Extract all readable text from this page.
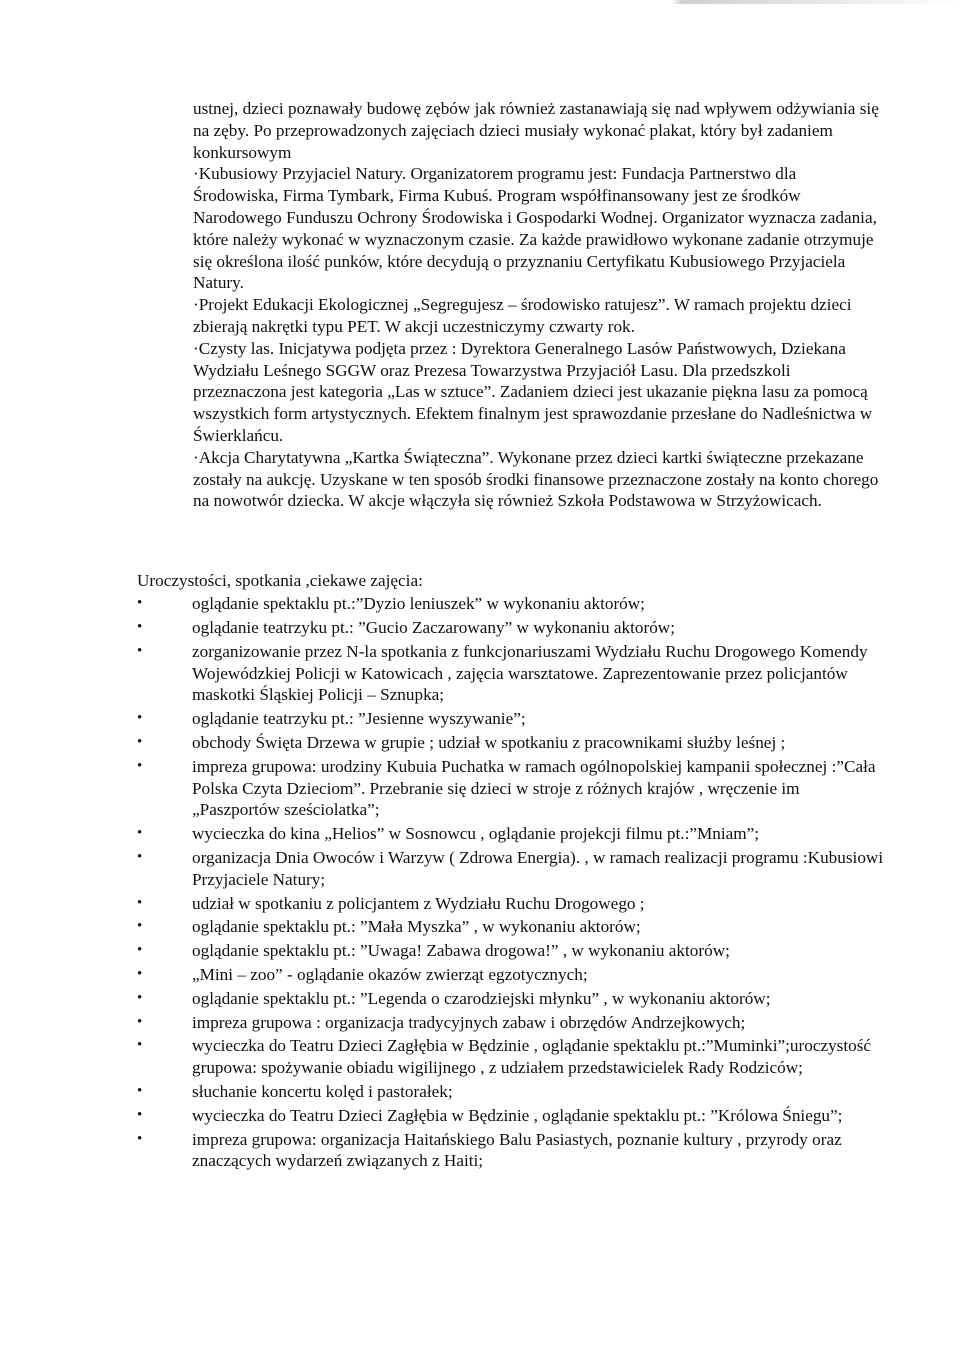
ustnej, dzieci poznawały budowę zębów jak również zastanawiają się nad wpływem odżywiania się na zęby. Po przeprowadzonych zajęciach dzieci musiały wykonać plakat, który był zadaniem konkursowym

·Kubusiowy Przyjaciel Natury. Organizatorem programu jest: Fundacja Partnerstwo dla Środowiska, Firma Tymbark, Firma Kubuś. Program współfinansowany jest ze środków Narodowego Funduszu Ochrony Środowiska i Gospodarki Wodnej. Organizator wyznacza zadania, które należy wykonać w wyznaczonym czasie. Za każde prawidłowo wykonane zadanie otrzymuje się określona ilość punków, które decydują o przyznaniu Certyfikatu Kubusiowego Przyjaciela Natury.

·Projekt Edukacji Ekologicznej „Segregujesz – środowisko ratujesz”. W ramach projektu dzieci zbierają nakrętki typu PET. W akcji uczestniczymy czwarty rok.

·Czysty las. Inicjatywa podjęta przez : Dyrektora Generalnego Lasów Państwowych, Dziekana Wydziału Leśnego SGGW oraz Prezesa Towarzystwa Przyjaciół Lasu. Dla przedszkoli przeznaczona jest kategoria „Las w sztuce”. Zadaniem dzieci jest ukazanie piękna lasu za pomocą wszystkich form artystycznych. Efektem finalnym jest sprawozdanie przesłane do Nadleśnictwa w Świerklańcu.

·Akcja Charytatywna „Kartka Świąteczna”. Wykonane przez dzieci kartki świąteczne przekazane zostały na aukcję. Uzyskane w ten sposób środki finansowe przeznaczone zostały na konto chorego na nowotwór dziecka. W akcje włączyła się również Szkoła Podstawowa w Strzyżowicach.

Uroczystości, spotkania ,ciekawe zajęcia:

• oglądanie spektaklu pt.:”Dyzio leniuszek” w wykonaniu aktorów;
• oglądanie teatrzyku pt.: ”Gucio Zaczarowany” w wykonaniu aktorów;
• zorganizowanie przez N-la spotkania z funkcjonariuszami Wydziału Ruchu Drogowego Komendy Wojewódzkiej Policji w Katowicach , zajęcia warsztatowe. Zaprezentowanie przez policjantów maskotki Śląskiej Policji – Sznupka;
• oglądanie teatrzyku pt.: ”Jesienne wyszywanie”;
• obchody Święta Drzewa w grupie ; udział w spotkaniu z pracownikami służby leśnej ;
• impreza grupowa: urodziny Kubuia Puchatka w ramach ogólnopolskiej kampanii społecznej :”Cała Polska Czyta Dzieciom”. Przebranie się dzieci w stroje z różnych krajów , wręczenie im „Paszportów sześciolatka”;
• wycieczka do kina „Helios” w Sosnowcu , oglądanie projekcji filmu pt.:”Mniam”;
• organizacja Dnia Owoców i Warzyw ( Zdrowa Energia). , w ramach realizacji programu :Kubusiowi Przyjaciele Natury;
• udział w spotkaniu z policjantem z Wydziału Ruchu Drogowego ;
• oglądanie spektaklu pt.: ”Mała Myszka” , w wykonaniu aktorów;
• oglądanie spektaklu pt.: ”Uwaga! Zabawa drogowa!” , w wykonaniu aktorów;
• „Mini – zoo” - oglądanie okazów zwierząt egzotycznych;
• oglądanie spektaklu pt.: ”Legenda o czarodziejski młynku” , w wykonaniu aktorów;
• impreza grupowa : organizacja tradycyjnych zabaw i obrzędów Andrzejkowych;
• wycieczka do Teatru Dzieci Zagłębia w Będzinie , oglądanie spektaklu pt.:”Muminki”;uroczystość grupowa: spożywanie obiadu wigilijnego , z udziałem przedstawicielek Rady Rodziców;
• słuchanie koncertu kolęd i pastorałek;
• wycieczka do Teatru Dzieci Zagłębia w Będzinie , oglądanie spektaklu pt.: ”Królowa Śniegu”;
• impreza grupowa: organizacja Haitańskiego Balu Pasiastych, poznanie kultury , przyrody oraz znaczących wydarzeń związanych z Haiti;
